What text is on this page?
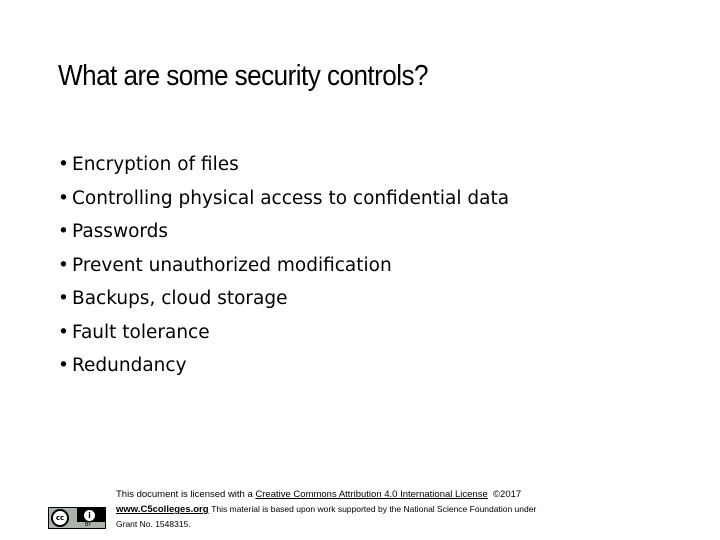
What are some security controls?
• Encryption of files
• Controlling physical access to confidential data
• Passwords
• Prevent unauthorized modification
• Backups, cloud storage
• Fault tolerance
• Redundancy
cc	i
BY
This document is licensed with a Creative Commons Attribution 4.0 International License ©2017
www.C5colleges.org This material is based upon work supported by the National Science Foundation under
Grant No. 1548315.
